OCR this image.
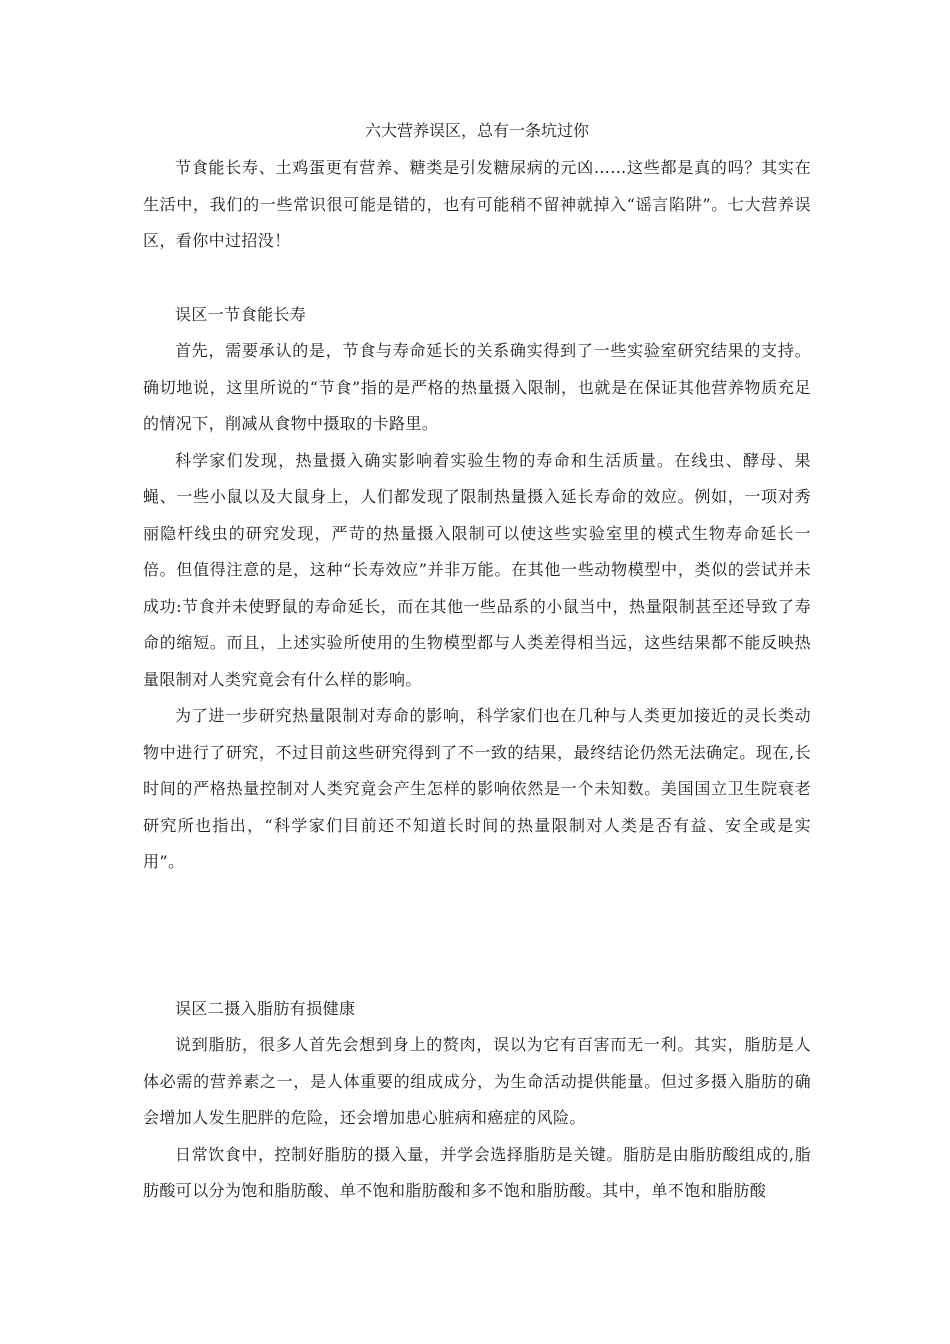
六大营养误区，总有一条坑过你

节食能长寿、土鸡蛋更有营养、糖类是引发糖尿病的元凶……这些都是真的吗？其实在生活中，我们的一些常识很可能是错的，也有可能稍不留神就掉入“谣言陷阱”。七大营养误区，看你中过招没！

误区一节食能长寿

首先，需要承认的是，节食与寿命延长的关系确实得到了一些实验室研究结果的支持。确切地说，这里所说的“节食”指的是严格的热量摄入限制，也就是在保证其他营养物质充足的情况下，削减从食物中摄取的卡路里。

科学家们发现，热量摄入确实影响着实验生物的寿命和生活质量。在线虫、酵母、果蝇、一些小鼠以及大鼠身上，人们都发现了限制热量摄入延长寿命的效应。例如，一项对秀丽隐杆线虫的研究发现，严苛的热量摄入限制可以使这些实验室里的模式生物寿命延长一倍。但值得注意的是，这种“长寿效应”并非万能。在其他一些动物模型中，类似的尝试并未成功:节食并未使野鼠的寿命延长，而在其他一些品系的小鼠当中，热量限制甚至还导致了寿命的缩短。而且，上述实验所使用的生物模型都与人类差得相当远，这些结果都不能反映热量限制对人类究竟会有什么样的影响。

为了进一步研究热量限制对寿命的影响，科学家们也在几种与人类更加接近的灵长类动物中进行了研究，不过目前这些研究得到了不一致的结果，最终结论仍然无法确定。现在,长时间的严格热量控制对人类究竟会产生怎样的影响依然是一个未知数。美国国立卫生院衰老研究所也指出，“科学家们目前还不知道长时间的热量限制对人类是否有益、安全或是实用”。

误区二摄入脂肪有损健康

说到脂肪，很多人首先会想到身上的赘肉，误以为它有百害而无一利。其实，脂肪是人体必需的营养素之一，是人体重要的组成成分，为生命活动提供能量。但过多摄入脂肪的确会增加人发生肥胖的危险，还会增加患心脏病和癌症的风险。

日常饮食中，控制好脂肪的摄入量，并学会选择脂肪是关键。脂肪是由脂肪酸组成的,脂肪酸可以分为饱和脂肪酸、单不饱和脂肪酸和多不饱和脂肪酸。其中，单不饱和脂肪酸
